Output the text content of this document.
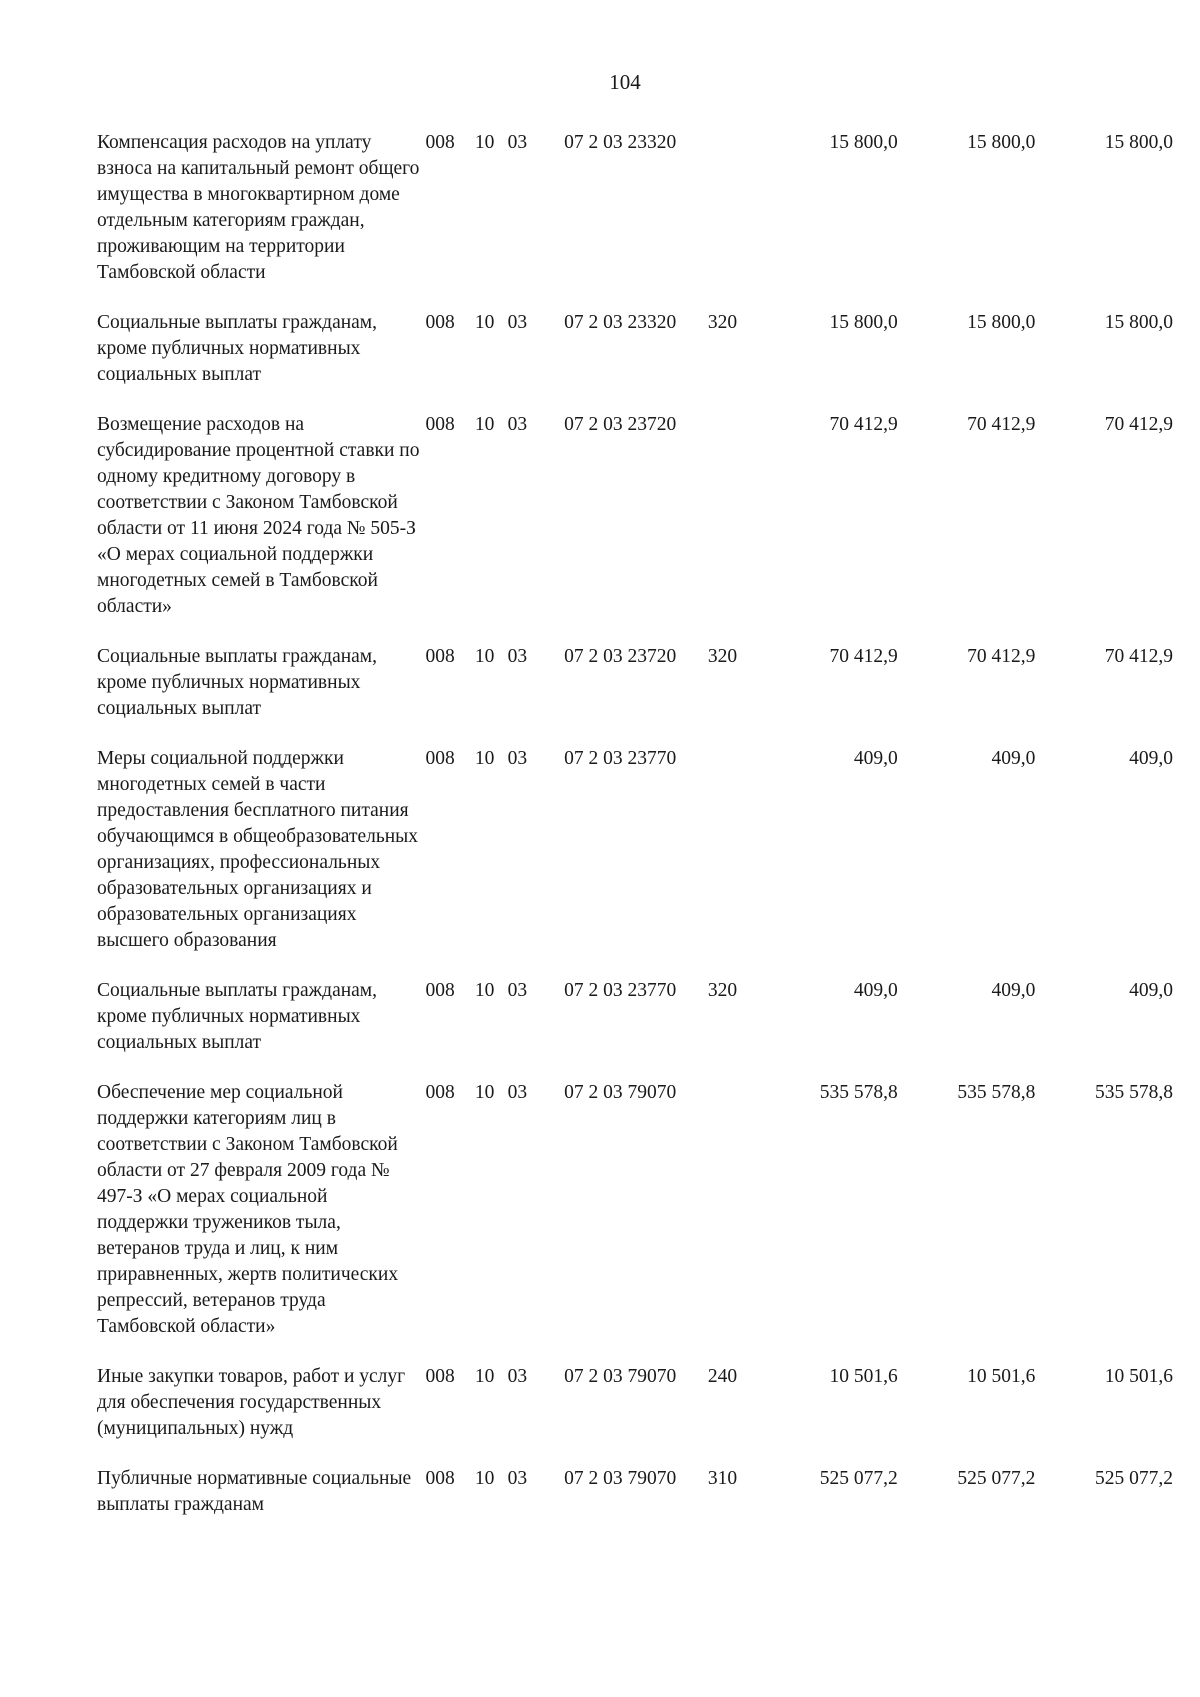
104
Компенсация расходов на уплату взноса на капитальный ремонт общего имущества в многоквартирном доме отдельным категориям граждан, проживающим на территории Тамбовской области	008	10	03	07 2 03 23320		15 800,0	15 800,0	15 800,0
Социальные выплаты гражданам, кроме публичных нормативных социальных выплат	008	10	03	07 2 03 23320	320	15 800,0	15 800,0	15 800,0
Возмещение расходов на субсидирование процентной ставки по одному кредитному договору в соответствии с Законом Тамбовской области от 11 июня 2024 года № 505-З «О мерах социальной поддержки многодетных семей в Тамбовской области»	008	10	03	07 2 03 23720		70 412,9	70 412,9	70 412,9
Социальные выплаты гражданам, кроме публичных нормативных социальных выплат	008	10	03	07 2 03 23720	320	70 412,9	70 412,9	70 412,9
Меры социальной поддержки многодетных семей в части предоставления бесплатного питания обучающимся в общеобразовательных организациях, профессиональных образовательных организациях и образовательных организациях высшего образования	008	10	03	07 2 03 23770		409,0	409,0	409,0
Социальные выплаты гражданам, кроме публичных нормативных социальных выплат	008	10	03	07 2 03 23770	320	409,0	409,0	409,0
Обеспечение мер социальной поддержки категориям лиц в соответствии с Законом Тамбовской области от 27 февраля 2009 года № 497-З «О мерах социальной поддержки тружеников тыла, ветеранов труда и лиц, к ним приравненных, жертв политических репрессий, ветеранов труда Тамбовской области»	008	10	03	07 2 03 79070		535 578,8	535 578,8	535 578,8
Иные закупки товаров, работ и услуг для обеспечения государственных (муниципальных) нужд	008	10	03	07 2 03 79070	240	10 501,6	10 501,6	10 501,6
Публичные нормативные социальные выплаты гражданам	008	10	03	07 2 03 79070	310	525 077,2	525 077,2	525 077,2
